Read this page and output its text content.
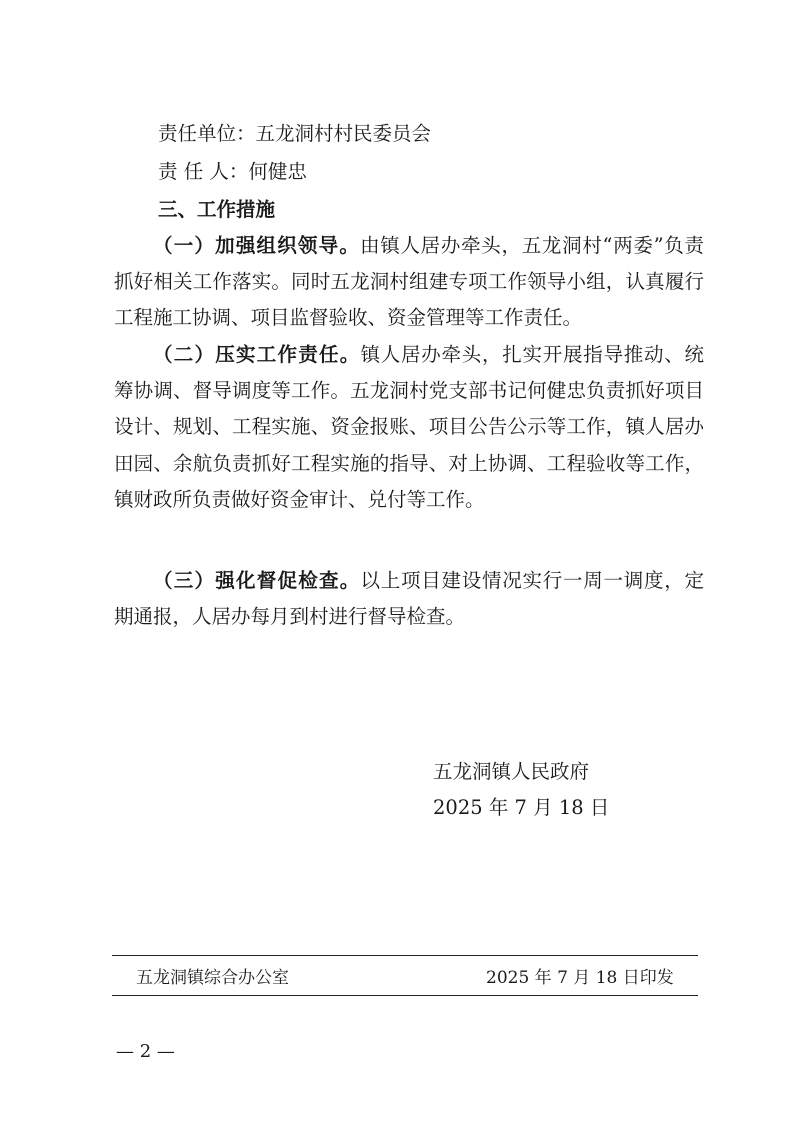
责任单位：五龙洞村村民委员会
责 任 人：何健忠
三、工作措施
（一）加强组织领导。由镇人居办牵头，五龙洞村“两委”负责抓好相关工作落实。同时五龙洞村组建专项工作领导小组，认真履行工程施工协调、项目监督验收、资金管理等工作责任。
（二）压实工作责任。镇人居办牵头，扎实开展指导推动、统筹协调、督导调度等工作。五龙洞村党支部书记何健忠负责抓好项目设计、规划、工程实施、资金报账、项目公告公示等工作，镇人居办田园、余航负责抓好工程实施的指导、对上协调、工程验收等工作，镇财政所负责做好资金审计、兑付等工作。
（三）强化督促检查。以上项目建设情况实行一周一调度，定期通报，人居办每月到村进行督导检查。
五龙洞镇人民政府
2025 年 7 月 18 日
五龙洞镇综合办公室	2025 年 7 月 18 日印发
— 2 —
